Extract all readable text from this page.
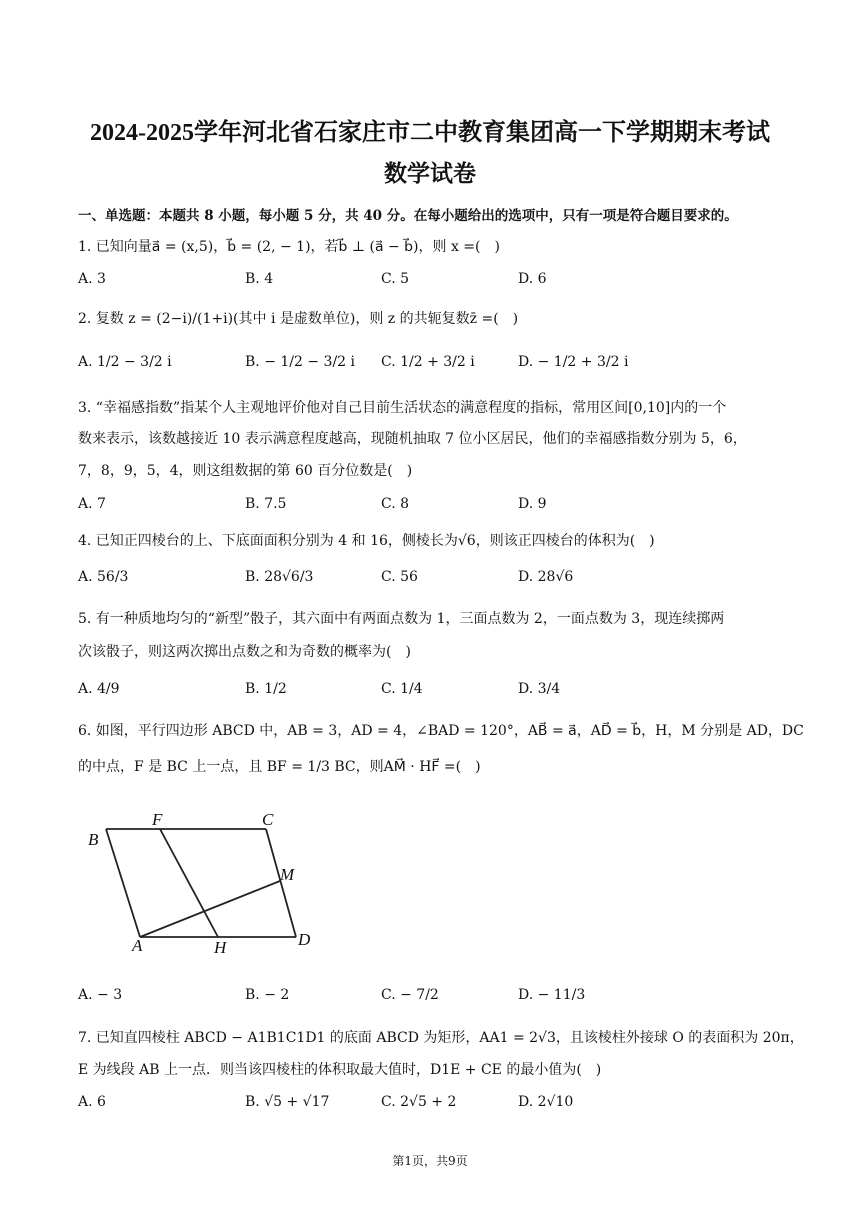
2024-2025学年河北省石家庄市二中教育集团高一下学期期末考试
数学试卷
一、单选题：本题共 8 小题，每小题 5 分，共 40 分。在每小题给出的选项中，只有一项是符合题目要求的。
1. 已知向量a⃗ = (x,5)，b⃗ = (2, − 1)，若b⃗ ⊥ (a⃗ − b⃗)，则 x =(　)
A. 3	B. 4	C. 5	D. 6
2. 复数 z = (2−i)/(1+i)(其中 i 是虚数单位)，则 z 的共轭复数z̄ =(　)
A. 1/2 − 3/2 i	B. − 1/2 − 3/2 i C. 1/2 + 3/2 i	D. − 1/2 + 3/2 i
3. “幸福感指数”指某个人主观地评价他对自己目前生活状态的满意程度的指标，常用区间[0,10]内的一个
数来表示，该数越接近 10 表示满意程度越高，现随机抽取 7 位小区居民，他们的幸福感指数分别为 5，6，
7，8，9，5，4，则这组数据的第 60 百分位数是(　)
A. 7	B. 7.5	C. 8	D. 9
4. 已知正四棱台的上、下底面面积分别为 4 和 16，侧棱长为√6，则该正四棱台的体积为(　)
A. 56/3	B. 28√6/3	C. 56	D. 28√6
5. 有一种质地均匀的“新型”骰子，其六面中有两面点数为 1，三面点数为 2，一面点数为 3，现连续掷两
次该骰子，则这两次掷出点数之和为奇数的概率为(　)
A. 4/9	B. 1/2	C. 1/4	D. 3/4
6. 如图，平行四边形 ABCD 中，AB = 3，AD = 4，∠BAD = 120°，AB⃗ = a⃗，AD⃗ = b⃗，H，M 分别是 AD，DC
的中点，F 是 BC 上一点，且 BF = 1/3 BC，则AM⃗ · HF⃗ =(　)
B
F	C
M
A	H	D
A. − 3	B. − 2	C. − 7/2	D. − 11/3
7. 已知直四棱柱 ABCD − A1B1C1D1 的底面 ABCD 为矩形，AA1 = 2√3，且该棱柱外接球 O 的表面积为 20π，
E 为线段 AB 上一点．则当该四棱柱的体积取最大值时，D1E + CE 的最小值为(　)
A. 6	B. √5 + √17	C. 2√5 + 2	D. 2√10
第1页，共9页
